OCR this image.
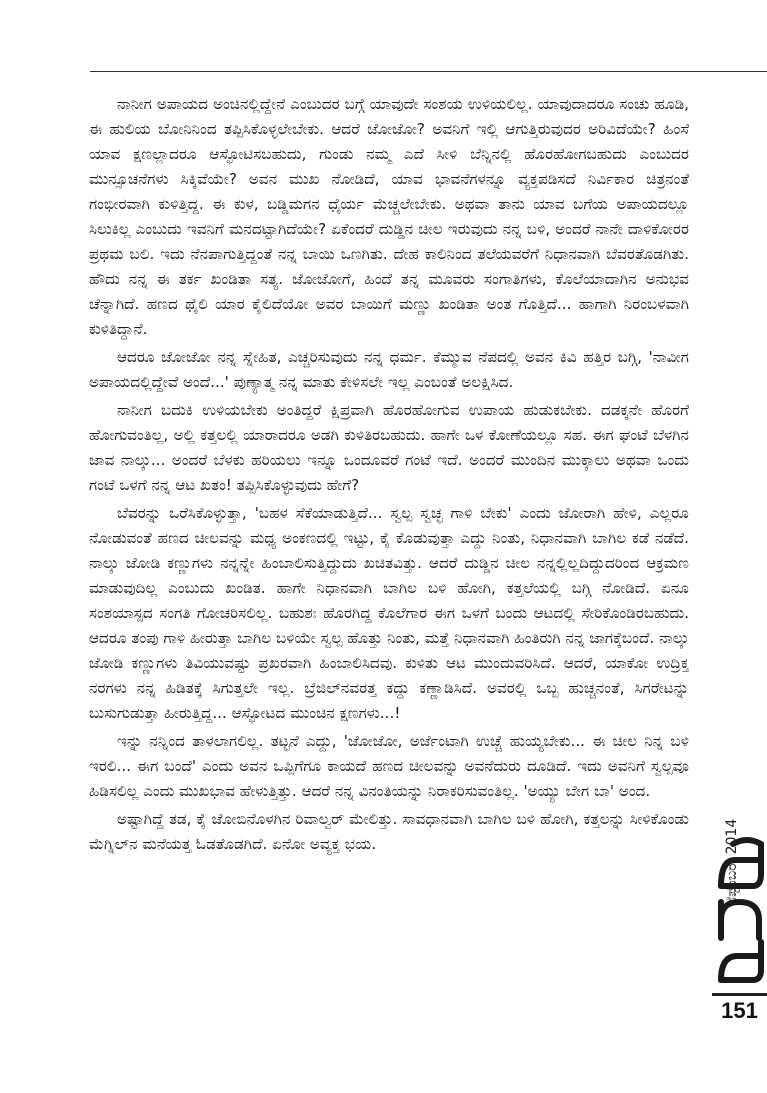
ನಾನೀಗ ಅಪಾಯದ ಅಂಚಿನಲ್ಲಿದ್ದೇನೆ ಎಂಬುದರ ಬಗ್ಗೆ ಯಾವುದೇ ಸಂಶಯ ಉಳಿಯಲಿಲ್ಲ. ಯಾವುದಾದರೂ ಸಂಚು ಹೂಡಿ, ಈ ಹುಲಿಯ ಬೋನಿನಿಂದ ತಪ್ಪಿಸಿಕೊಳ್ಳಲೇಬೇಕು. ಆದರೆ ಜೋಜೋ? ಅವನಿಗೆ ಇಲ್ಲಿ ಆಗುತ್ತಿರುವುದರ ಅರಿವಿದೆಯೇ? ಹಿಂಸೆ ಯಾವ ಕ್ಷಣಲ್ಲಾದರೂ ಆಸ್ಫೋಟಿಸಬಹುದು, ಗುಂಡು ನಮ್ಮ ಎದೆ ಸೀಳಿ ಬೆನ್ನಿನಲ್ಲಿ ಹೊರಹೋಗಬಹುದು ಎಂಬುದರ ಮುನ್ಸೂಚನೆಗಳು ಸಿಕ್ಕಿವೆಯೇ? ಅವನ ಮುಖ ನೋಡಿದೆ, ಯಾವ ಭಾವನೆಗಳನ್ನೂ ವ್ಯಕ್ತಪಡಿಸದೆ ನಿರ್ವಿಕಾರ ಚಿತ್ರನಂತೆ ಗಂಭೀರವಾಗಿ ಕುಳಿತ್ತಿದ್ದ. ಈ ಕುಳ, ಬಡ್ಡಿಮಗನ ಧೈರ್ಯ ಮೆಚ್ಚಲೇಬೇಕು. ಅಥವಾ ತಾನು ಯಾವ ಬಗೆಯ ಅಪಾಯದಲ್ಲೂ ಸಿಲುಕಿಲ್ಲ ಎಂಬುದು ಇವನಿಗೆ ಮನದಟ್ಟಾಗಿದೆಯೇ? ಏಕೆಂದರೆ ದುಡ್ಡಿನ ಚೀಲ ಇರುವುದು ನನ್ನ ಬಳಿ, ಅಂದರೆ ನಾನೇ ದಾಳಿಕೋರರ ಪ್ರಥಮ ಬಲಿ. ಇದು ನೆನಪಾಗುತ್ತಿದ್ದಂತೆ ನನ್ನ ಬಾಯಿ ಒಣಗಿತು. ದೇಹ ಕಾಲಿನಿಂದ ತಲೆಯವರೆಗೆ ನಿಧಾನವಾಗಿ ಬೆವರತೊಡಗಿತು. ಹೌದು ನನ್ನ ಈ ತರ್ಕ ಖಂಡಿತಾ ಸತ್ಯ. ಜೋಜೋಗೆ, ಹಿಂದೆ ತನ್ನ ಮೂವರು ಸಂಗಾತಿಗಳು, ಕೊಲೆಯಾದಾಗಿನ ಅನುಭವ ಚೆನ್ನಾಗಿದೆ. ಹಣದ ಥೈಲಿ ಯಾರ ಕೈಲಿದೆಯೋ ಅವರ ಬಾಯಿಗೆ ಮಣ್ಣು ಖಂಡಿತಾ ಅಂತ ಗೊತ್ತಿದೆ... ಹಾಗಾಗಿ ನಿರಂಬಳವಾಗಿ ಕುಳಿತಿದ್ದಾನೆ.

ಆದರೂ ಜೋಜೋ ನನ್ನ ಸ್ನೇಹಿತ, ಎಚ್ಚರಿಸುವುದು ನನ್ನ ಧರ್ಮ. ಕೆಮ್ಮುವ ನೆಪದಲ್ಲಿ ಅವನ ಕಿವಿ ಹತ್ತಿರ ಬಗ್ಗಿ, 'ನಾವೀಗ ಅಪಾಯದಲ್ಲಿದ್ದೇವೆ ಅಂದೆ...' ಪುಣ್ಯಾತ್ಮ ನನ್ನ ಮಾತು ಕೇಳಿಸಲೇ ಇಲ್ಲ ಎಂಬಂತೆ ಅಲಕ್ಷಿಸಿದ.

ನಾನೀಗ ಬದುಕಿ ಉಳಿಯಬೇಕು ಅಂತಿದ್ದರೆ ಕ್ಷಿಪ್ರವಾಗಿ ಹೊರಹೋಗುವ ಉಪಾಯ ಹುಡುಕಬೇಕು. ದಡಕ್ಕನೇ ಹೊರಗೆ ಹೋಗುವಂತಿಲ್ಲ, ಅಲ್ಲಿ ಕತ್ತಲಲ್ಲಿ ಯಾರಾದರೂ ಅಡಗಿ ಕುಳಿತಿರಬಹುದು. ಹಾಗೇ ಒಳ ಕೋಣೆಯಲ್ಲೂ ಸಹ. ಈಗ ಘಂಟೆ ಬೆಳಗಿನ ಜಾವ ನಾಲ್ಕು... ಅಂದರೆ ಬೆಳಕು ಹರಿಯಲು ಇನ್ನೂ ಒಂದೂವರೆ ಗಂಟೆ ಇದೆ. ಅಂದರೆ ಮುಂದಿನ ಮುಕ್ಕಾಲು ಅಥವಾ ಒಂದು ಗಂಟೆ ಒಳಗೆ ನನ್ನ ಆಟ ಖತಂ! ತಪ್ಪಿಸಿಕೊಳ್ಳುವುದು ಹೇಗೆ?

ಬೆವರನ್ನು ಒರೆಸಿಕೊಳ್ಳುತ್ತಾ, 'ಬಹಳ ಸೆಕೆಯಾಡುತ್ತಿದೆ... ಸ್ವಲ್ಪ ಸ್ವಚ್ಛ ಗಾಳಿ ಬೇಕು' ಎಂದು ಜೋರಾಗಿ ಹೇಳಿ, ಎಲ್ಲರೂ ನೋಡುವಂತೆ ಹಣದ ಚೀಲವನ್ನು ಮಧ್ಯ ಅಂಕಣದಲ್ಲಿ ಇಟ್ಟು, ಕೈ ಕೊಡುವುತ್ತಾ ಎದ್ದು ನಿಂತು, ನಿಧಾನವಾಗಿ ಬಾಗಿಲ ಕಡೆ ನಡೆದೆ. ನಾಲ್ಕು ಜೋಡಿ ಕಣ್ಣುಗಳು ನನ್ನನ್ನೇ ಹಿಂಬಾಲಿಸುತ್ತಿದ್ದುದು ಖಚಿತವಿತ್ತು. ಆದರೆ ದುಡ್ಡಿನ ಚೀಲ ನನ್ನಲ್ಲಿಲ್ಲದಿದ್ದುದರಿಂದ ಆಕ್ರಮಣ ಮಾಡುವುದಿಲ್ಲ ಎಂಬುದು ಖಂಡಿತ. ಹಾಗೇ ನಿಧಾನವಾಗಿ ಬಾಗಿಲ ಬಳಿ ಹೋಗಿ, ಕತ್ತಲೆಯಲ್ಲಿ ಬಗ್ಗಿ ನೋಡಿದೆ. ಏನೂ ಸಂಶಯಾಸ್ಪದ ಸಂಗತಿ ಗೋಚರಿಸಲಿಲ್ಲ. ಬಹುಶಃ ಹೊರಗಿದ್ದ ಕೊಲೆಗಾರ ಈಗ ಒಳಗೆ ಬಂದು ಆಟದಲ್ಲಿ ಸೇರಿಕೊಂಡಿರಬಹುದು. ಆದರೂ ತಂಪು ಗಾಳಿ ಹೀರುತ್ತಾ ಬಾಗಿಲ ಬಳಿಯೇ ಸ್ವಲ್ಪ ಹೊತ್ತು ನಿಂತು, ಮತ್ತೆ ನಿಧಾನವಾಗಿ ಹಿಂತಿರುಗಿ ನನ್ನ ಜಾಗಕ್ಕೆಬಂದೆ. ನಾಲ್ಕು ಜೋಡಿ ಕಣ್ಣುಗಳು ತಿವಿಯುವಷ್ಟು ಪ್ರಖರವಾಗಿ ಹಿಂಬಾಲಿಸಿದವು. ಕುಳಿತು ಆಟ ಮುಂದುವರಿಸಿದೆ. ಆದರೆ, ಯಾಕೋ ಉದ್ರಿಕ್ತ ನರಗಳು ನನ್ನ ಹಿಡಿತಕ್ಕೆ ಸಿಗುತ್ತಲೇ ಇಲ್ಲ. ಬ್ರೆಜಿಲ್‌ನವರತ್ತ ಕದ್ದು ಕಣ್ಣಾಡಿಸಿದೆ. ಅವರಲ್ಲಿ ಒಬ್ಬ ಹುಚ್ಚನಂತೆ, ಸಿಗರೇಟನ್ನು ಬುಸುಗುಡುತ್ತಾ ಹೀರುತ್ತಿದ್ದ... ಆಸ್ಫೋಟದ ಮುಂಚಿನ ಕ್ಷಣಗಳು...!

ಇನ್ನು ನನ್ನಿಂದ ತಾಳಲಾಗಲಿಲ್ಲ. ತಟ್ಟನೆ ಎದ್ದು, 'ಜೋಜೋ, ಅರ್ಜೆಂಟಾಗಿ ಉಚ್ಚೆ ಹುಯ್ಯಬೇಕು... ಈ ಚೀಲ ನಿನ್ನ ಬಳಿ ಇರಲಿ... ಈಗ ಬಂದೆ' ಎಂದು ಅವನ ಒಪ್ಪಿಗೆಗೂ ಕಾಯದೆ ಹಣದ ಚೀಲವನ್ನು ಅವನೆದುರು ದೂಡಿದೆ. ಇದು ಅವನಿಗೆ ಸ್ವಲ್ಪವೂ ಹಿಡಿಸಲಿಲ್ಲ ಎಂದು ಮುಖಭಾವ ಹೇಳುತ್ತಿತ್ತು. ಆದರೆ ನನ್ನ ವಿನಂತಿಯನ್ನು ನಿರಾಕರಿಸುವಂತಿಲ್ಲ. 'ಅಯ್ಯು ಬೇಗ ಬಾ' ಅಂದ.

ಅಷ್ಟಾಗಿದ್ದೆ ತಡ, ಕೈ ಜೋಬಿನೊಳಗಿನ ರಿವಾಲ್ವರ್ ಮೇಲಿತ್ತು. ಸಾವಧಾನವಾಗಿ ಬಾಗಿಲ ಬಳಿ ಹೋಗಿ, ಕತ್ತಲನ್ನು ಸೀಳಿಕೊಂಡು ಮೆಗ್ನಿಲ್‌ನ ಮನೆಯತ್ತ ಓಡತೊಡಗಿದೆ. ಏನೋ ಅವ್ಯಕ್ತ ಭಯ.	ಸೆಪ್ಟೆಂಬರ್ 2014
151
